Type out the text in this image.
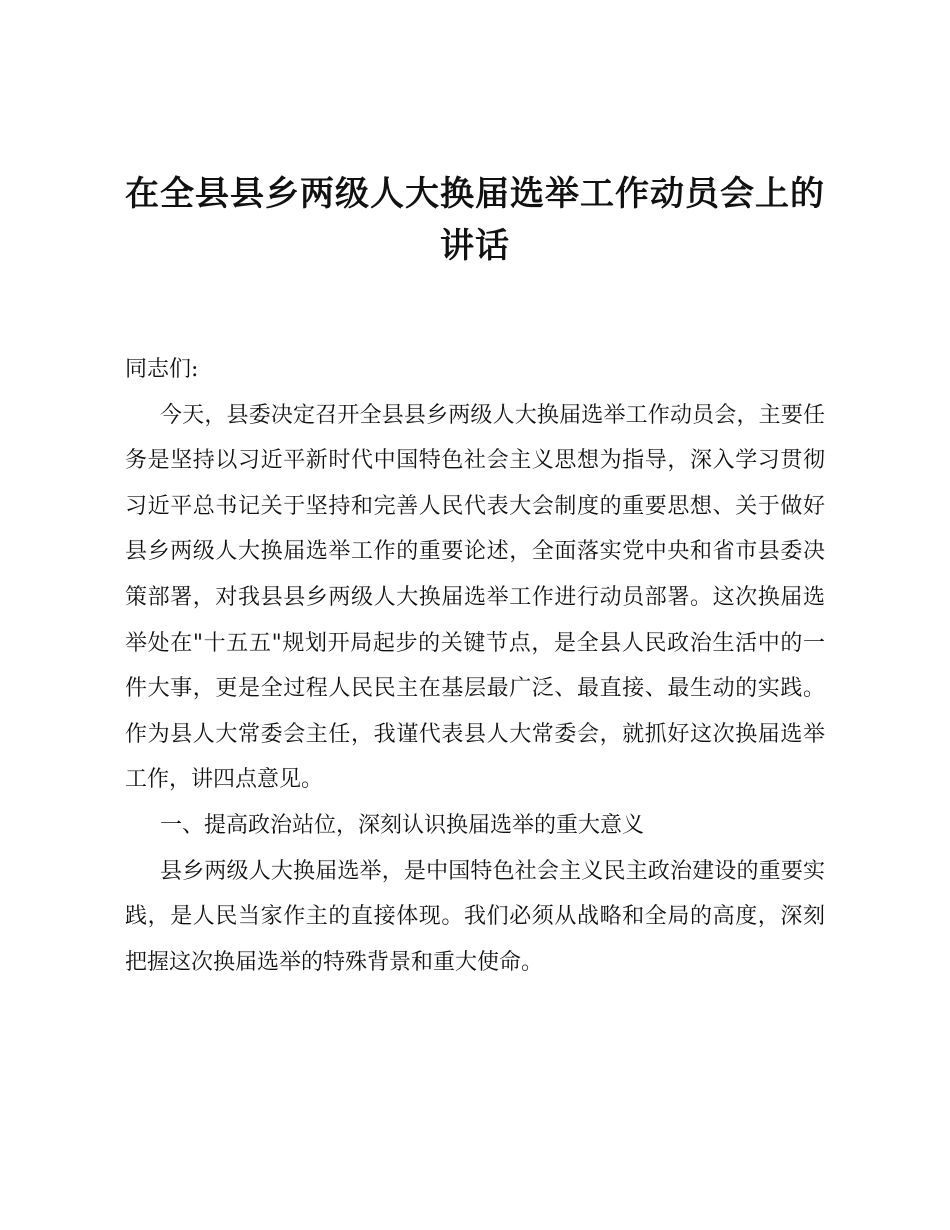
在全县县乡两级人大换届选举工作动员会上的
讲话

同志们:

今天，县委决定召开全县县乡两级人大换届选举工作动员会，主要任务是坚持以习近平新时代中国特色社会主义思想为指导，深入学习贯彻习近平总书记关于坚持和完善人民代表大会制度的重要思想、关于做好县乡两级人大换届选举工作的重要论述，全面落实党中央和省市县委决策部署，对我县县乡两级人大换届选举工作进行动员部署。这次换届选举处在"十五五"规划开局起步的关键节点，是全县人民政治生活中的一件大事，更是全过程人民民主在基层最广泛、最直接、最生动的实践。作为县人大常委会主任，我谨代表县人大常委会，就抓好这次换届选举工作，讲四点意见。

一、提高政治站位，深刻认识换届选举的重大意义

县乡两级人大换届选举，是中国特色社会主义民主政治建设的重要实践，是人民当家作主的直接体现。我们必须从战略和全局的高度，深刻把握这次换届选举的特殊背景和重大使命。
